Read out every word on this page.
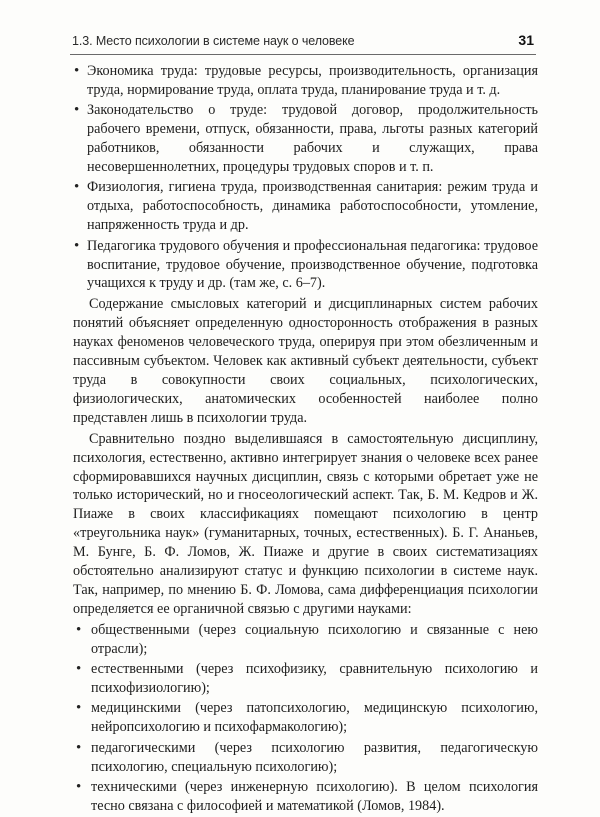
1.3. Место психологии в системе наук о человеке	31
• Экономика труда: трудовые ресурсы, производительность, организация труда, нормирование труда, оплата труда, планирование труда и т. д.
• Законодательство о труде: трудовой договор, продолжительность рабочего времени, отпуск, обязанности, права, льготы разных категорий работников, обязанности рабочих и служащих, права несовершеннолетних, процедуры трудовых споров и т. п.
• Физиология, гигиена труда, производственная санитария: режим труда и отдыха, работоспособность, динамика работоспособности, утомление, напряженность труда и др.
• Педагогика трудового обучения и профессиональная педагогика: трудовое воспитание, трудовое обучение, производственное обучение, подготовка учащихся к труду и др. (там же, с. 6–7).

Содержание смысловых категорий и дисциплинарных систем рабочих понятий объясняет определенную односторонность отображения в разных науках феноменов человеческого труда, оперируя при этом обезличенным и пассивным субъектом. Человек как активный субъект деятельности, субъект труда в совокупности своих социальных, психологических, физиологических, анатомических особенностей наиболее полно представлен лишь в психологии труда.

Сравнительно поздно выделившаяся в самостоятельную дисциплину, психология, естественно, активно интегрирует знания о человеке всех ранее сформировавшихся научных дисциплин, связь с которыми обретает уже не только исторический, но и гносеологический аспект. Так, Б. М. Кедров и Ж. Пиаже в своих классификациях помещают психологию в центр «треугольника наук» (гуманитарных, точных, естественных). Б. Г. Ананьев, М. Бунге, Б. Ф. Ломов, Ж. Пиаже и другие в своих систематизациях обстоятельно анализируют статус и функцию психологии в системе наук. Так, например, по мнению Б. Ф. Ломова, сама дифференциация психологии определяется ее органичной связью с другими науками:

• общественными (через социальную психологию и связанные с нею отрасли);
• естественными (через психофизику, сравнительную психологию и психофизиологию);
• медицинскими (через патопсихологию, медицинскую психологию, нейропсихологию и психофармакологию);
• педагогическими (через психологию развития, педагогическую психологию, специальную психологию);
• техническими (через инженерную психологию). В целом психология тесно связана с философией и математикой (Ломов, 1984).
